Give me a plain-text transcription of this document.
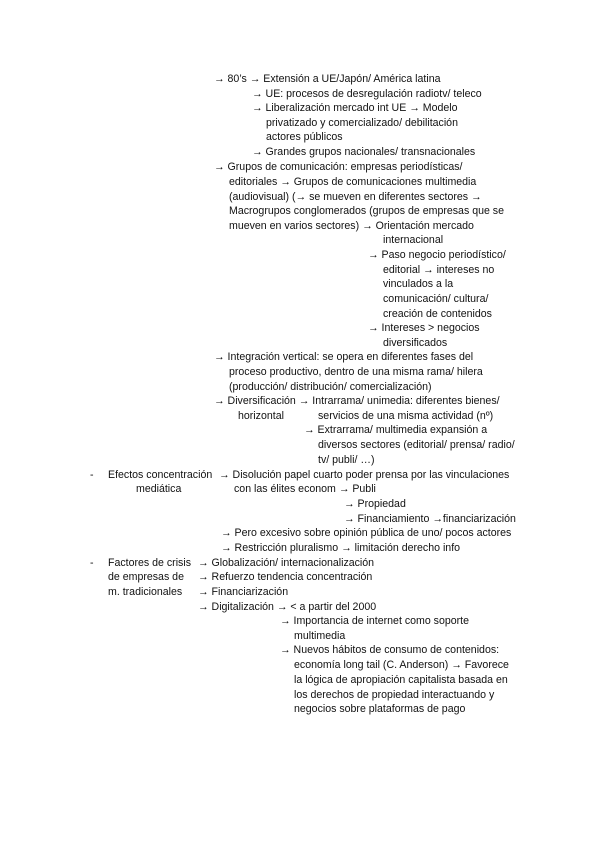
→ 80’s → Extensión a UE/Japón/ América latina
→ UE: procesos de desregulación radiotv/ teleco
→ Liberalización mercado int UE → Modelo
privatizado y comercializado/ debilitación
actores públicos
→ Grandes grupos nacionales/ transnacionales
→ Grupos de comunicación: empresas periodísticas/
editoriales → Grupos de comunicaciones multimedia
(audiovisual) (→ se mueven en diferentes sectores →
Macrogrupos conglomerados (grupos de empresas que se
mueven en varios sectores) → Orientación mercado
internacional
→ Paso negocio periodístico/
editorial → intereses no
vinculados a la
comunicación/ cultura/
creación de contenidos
→ Intereses > negocios
diversificados
→ Integración vertical: se opera en diferentes fases del
proceso productivo, dentro de una misma rama/ hilera
(producción/ distribución/ comercialización)
→ Diversificación → Intrarrama/ unimedia: diferentes bienes/
horizontal	servicios de una misma actividad (nº)
→ Extrarrama/ multimedia expansión a
diversos sectores (editorial/ prensa/ radio/
tv/ publi/ …)
- Efectos concentración → Disolución papel cuarto poder prensa por las vinculaciones
mediática	con las élites econom → Publi
→ Propiedad
→ Financiamiento →financiarización
→ Pero excesivo sobre opinión pública de uno/ pocos actores
→ Restricción pluralismo → limitación derecho info
- Factores de crisis → Globalización/ internacionalización
de empresas de → Refuerzo tendencia concentración
m. tradicionales → Financiarización
→ Digitalización → < a partir del 2000
→ Importancia de internet como soporte
multimedia
→ Nuevos hábitos de consumo de contenidos:
economía long tail (C. Anderson) → Favorece
la lógica de apropiación capitalista basada en
los derechos de propiedad interactuando y
negocios sobre plataformas de pago
